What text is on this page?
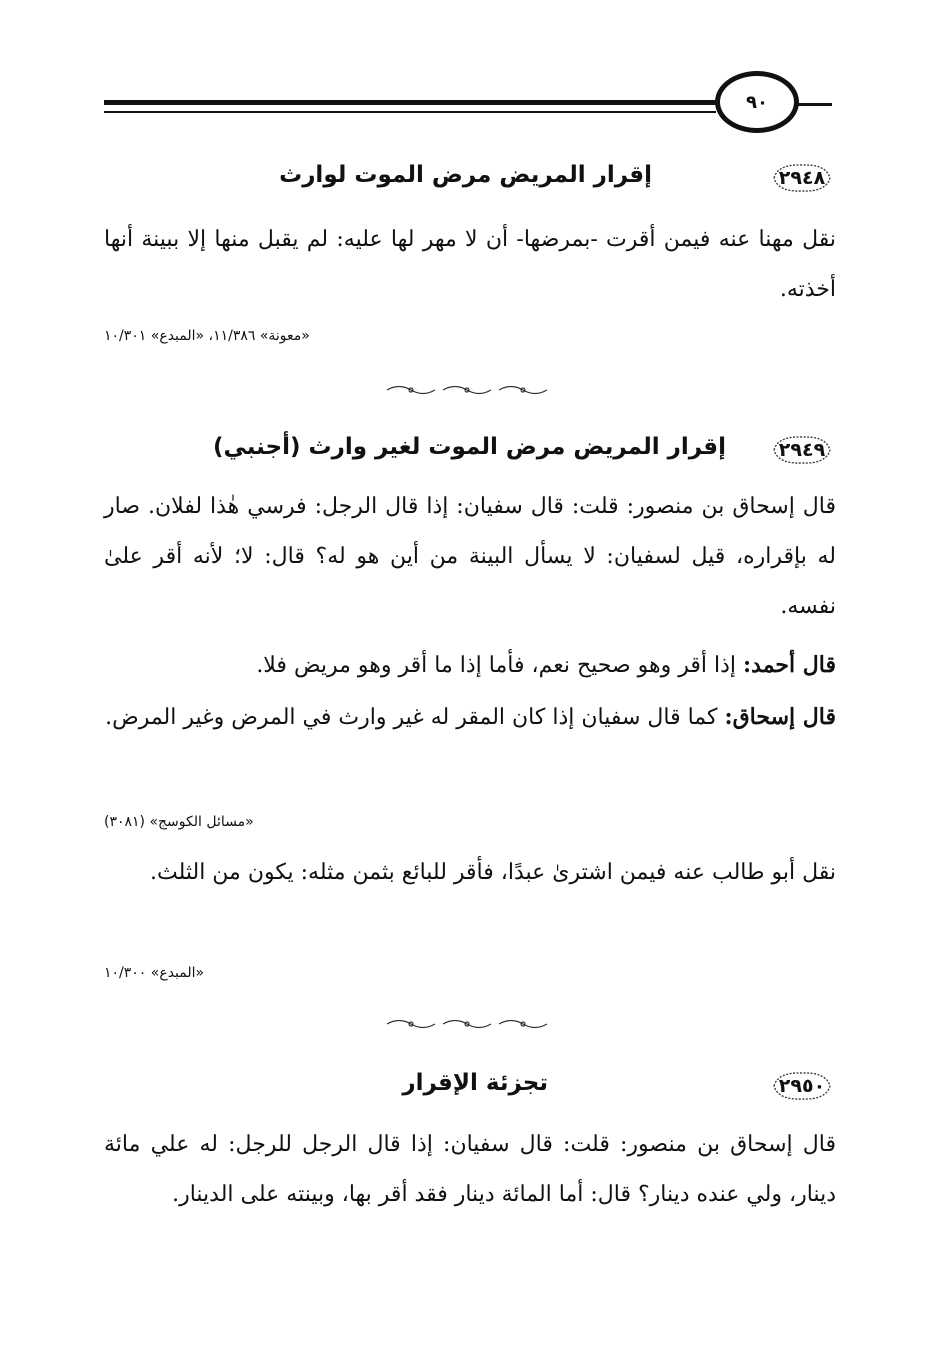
٩٠
٢٩٤٨
إقرار المريض مرض الموت لوارث
نقل مهنا عنه فيمن أقرت -بمرضها- أن لا مهر لها عليه: لم يقبل منها إلا ببينة أنها أخذته.
«معونة» ١١/٣٨٦، «المبدع» ١٠/٣٠١
٢٩٤٩
إقرار المريض مرض الموت لغير وارث (أجنبي)
قال إسحاق بن منصور: قلت: قال سفيان: إذا قال الرجل: فرسي هٰذا لفلان. صار له بإقراره، قيل لسفيان: لا يسأل البينة من أين هو له؟ قال: لا؛ لأنه أقر علىٰ نفسه.
قال أحمد: إذا أقر وهو صحيح نعم، فأما إذا ما أقر وهو مريض فلا.
قال إسحاق: كما قال سفيان إذا كان المقر له غير وارث في المرض وغير المرض.
«مسائل الكوسج» (٣٠٨١)
نقل أبو طالب عنه فيمن اشترىٰ عبدًا، فأقر للبائع بثمن مثله: يكون من الثلث.
«المبدع» ١٠/٣٠٠
٢٩٥٠
تجزئة الإقرار
قال إسحاق بن منصور: قلت: قال سفيان: إذا قال الرجل للرجل: له علي مائة دينار، ولي عنده دينار؟ قال: أما المائة دينار فقد أقر بها، وبينته على الدينار.
